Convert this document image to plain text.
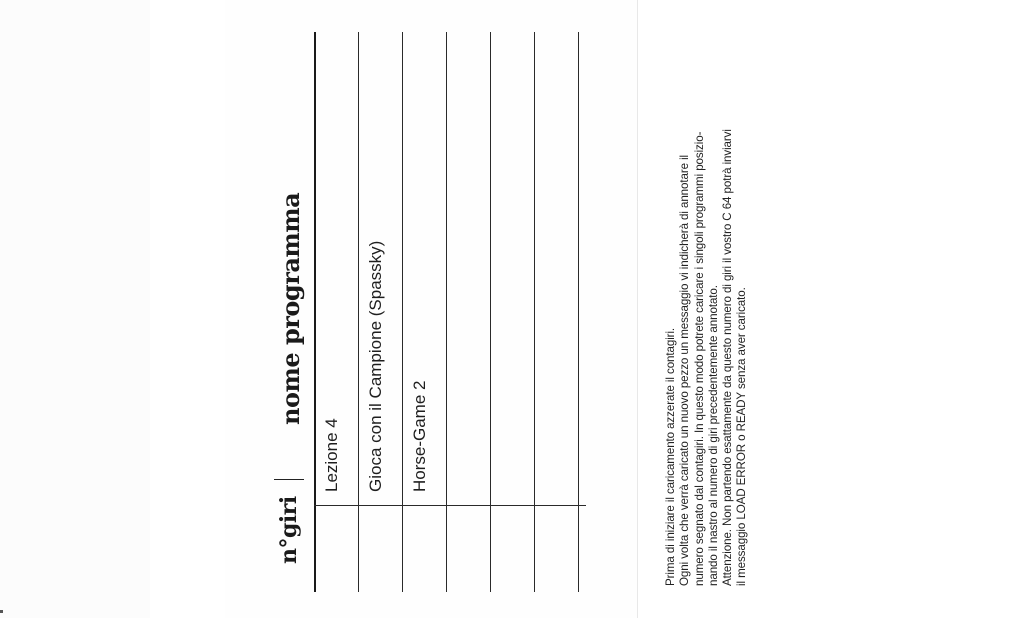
n°giri
nome programma
Lezione 4 Gioca con il Campione (Spassky) Horse-Game 2	Prima di iniziare il caricamento azzerate il contagiri. Ogni volta che verrà caricato un nuovo pezzo un messaggio vi indicherà di annotare il numero segnato dal contagiri. In questo modo potrete caricare i singoli programmi posizio- nando il nastro al numero di giri precedentemente annotato. Attenzione. Non partendo esattamente da questo numero di giri il vostro C 64 potrà inviarvi il messaggio LOAD ERROR o READY senza aver caricato.
